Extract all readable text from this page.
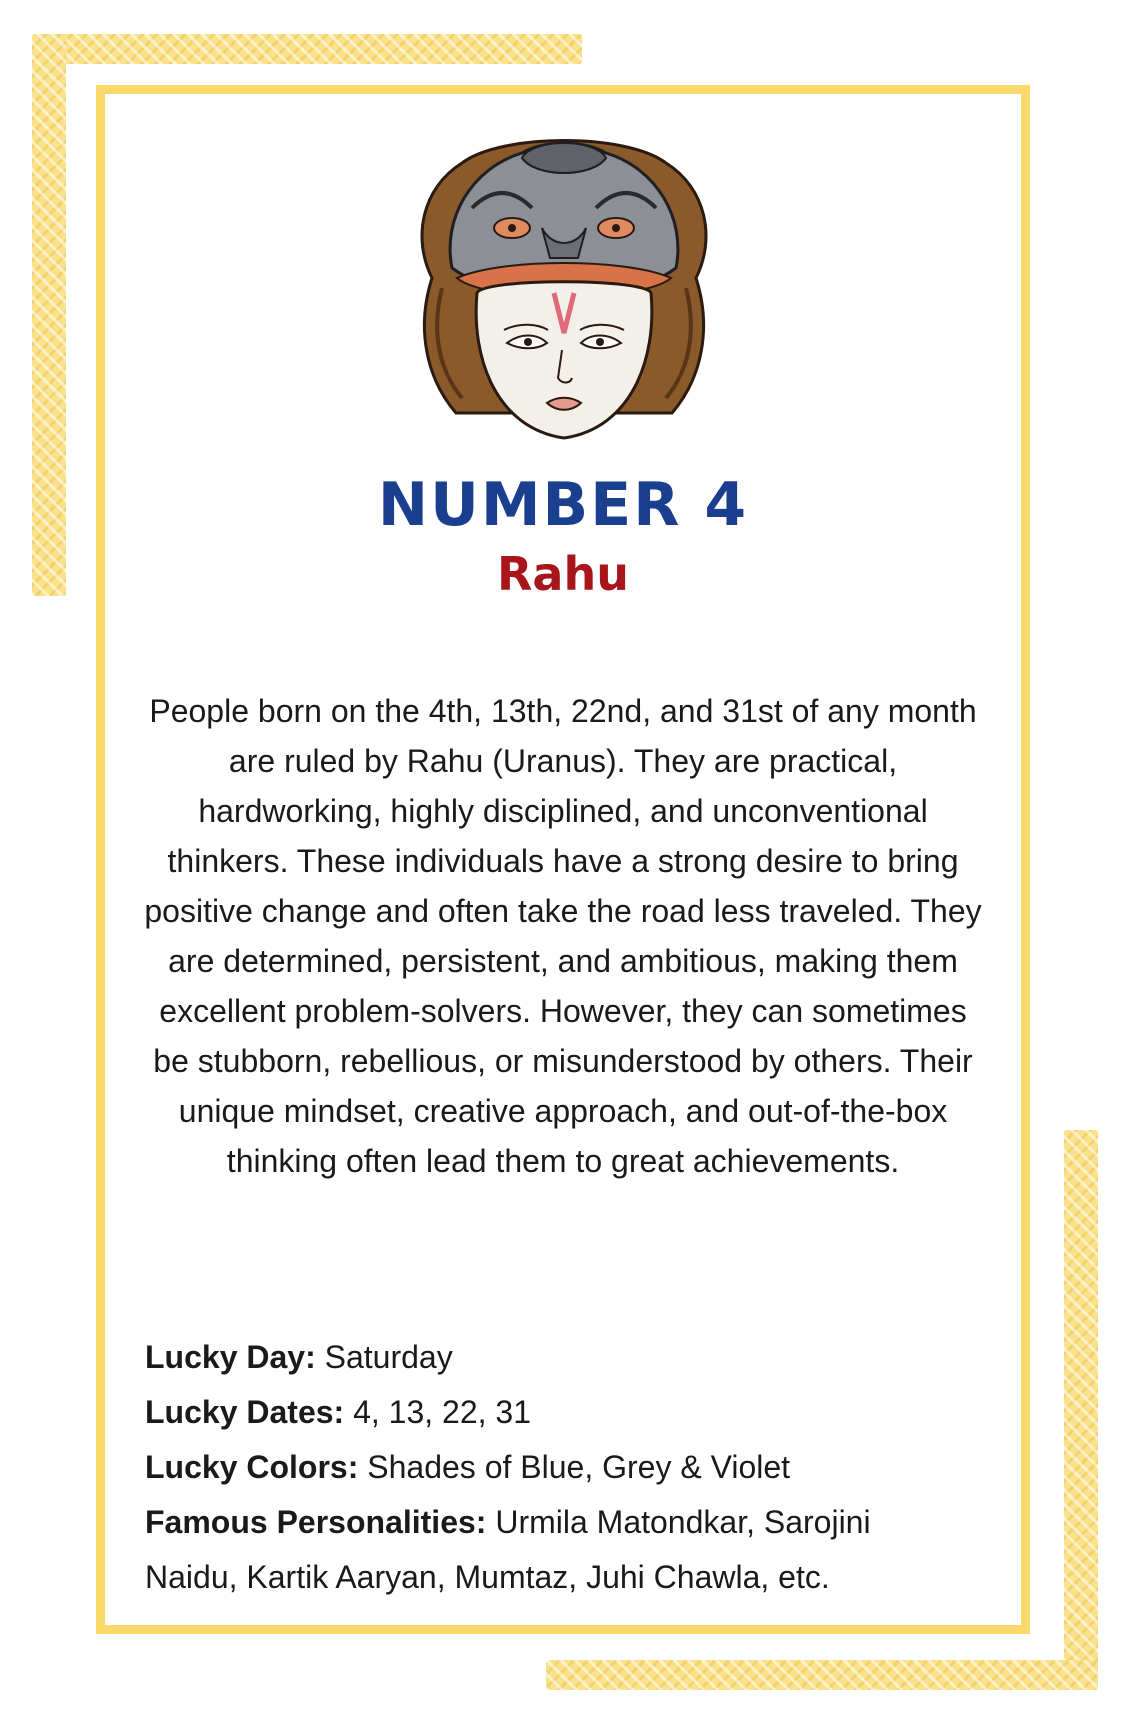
NUMBER 4
Rahu

People born on the 4th, 13th, 22nd, and 31st of any month are ruled by Rahu (Uranus). They are practical, hardworking, highly disciplined, and unconventional thinkers. These individuals have a strong desire to bring positive change and often take the road less traveled. They are determined, persistent, and ambitious, making them excellent problem-solvers. However, they can sometimes be stubborn, rebellious, or misunderstood by others. Their unique mindset, creative approach, and out-of-the-box thinking often lead them to great achievements.

Lucky Day: Saturday

Lucky Dates: 4, 13, 22, 31

Lucky Colors: Shades of Blue, Grey & Violet

Famous Personalities: Urmila Matondkar, Sarojini Naidu, Kartik Aaryan, Mumtaz, Juhi Chawla, etc.
